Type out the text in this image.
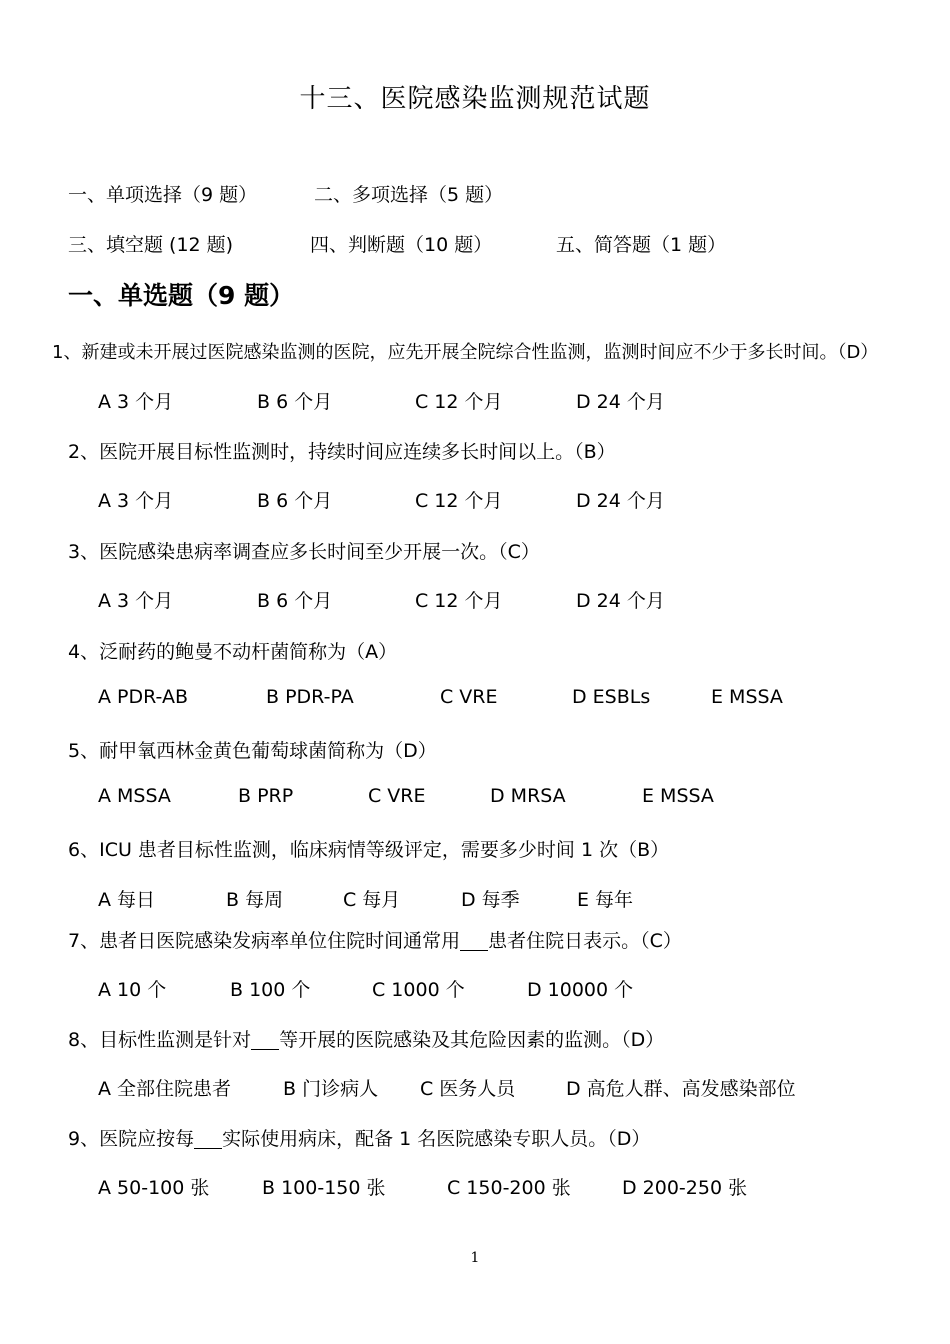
十三、医院感染监测规范试题
一、单项选择（9 题）	二、多项选择（5 题）
三、填空题 (12 题)	四、判断题（10 题）	五、简答题（1 题）
一、单选题（9 题）
1、新建或未开展过医院感染监测的医院，应先开展全院综合性监测，监测时间应不少于多长时间。（D）
A 3 个月	B 6 个月	C 12 个月	D 24 个月
2、医院开展目标性监测时，持续时间应连续多长时间以上。（B）
A 3 个月	B 6 个月	C 12 个月	D 24 个月
3、医院感染患病率调查应多长时间至少开展一次。（C）
A 3 个月	B 6 个月	C 12 个月	D 24 个月
4、泛耐药的鲍曼不动杆菌简称为（A）
A PDR-AB	B PDR-PA	C VRE	D ESBLs	E MSSA
5、耐甲氧西林金黄色葡萄球菌简称为（D）
A MSSA	B PRP	C VRE	D MRSA	E MSSA
6、ICU 患者目标性监测，临床病情等级评定，需要多少时间 1 次（B）
A 每日	B 每周	C 每月	D 每季	E 每年
7、患者日医院感染发病率单位住院时间通常用 患者住院日表示。（C）
A 10 个	B 100 个	C 1000 个	D 10000 个
8、目标性监测是针对 等开展的医院感染及其危险因素的监测。（D）
A 全部住院患者	B 门诊病人 C 医务人员	D 高危人群、高发感染部位
9、医院应按每 实际使用病床，配备 1 名医院感染专职人员。（D）
A 50-100 张	B 100-150 张	C 150-200 张	D 200-250 张
1
